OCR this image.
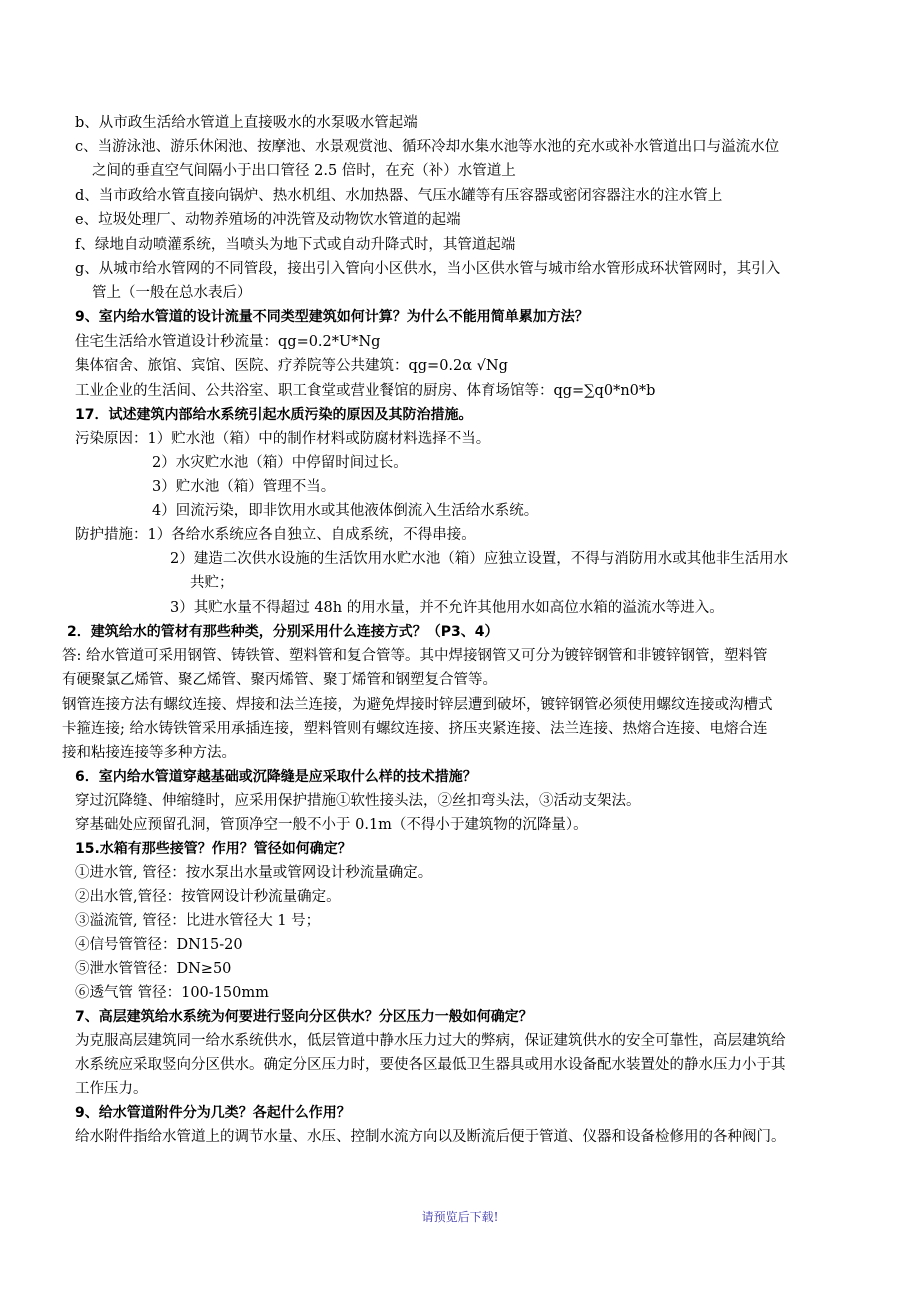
b、从市政生活给水管道上直接吸水的水泵吸水管起端
c、当游泳池、游乐休闲池、按摩池、水景观赏池、循环冷却水集水池等水池的充水或补水管道出口与溢流水位
之间的垂直空气间隔小于出口管径 2.5 倍时，在充（补）水管道上
d、当市政给水管直接向锅炉、热水机组、水加热器、气压水罐等有压容器或密闭容器注水的注水管上
e、垃圾处理厂、动物养殖场的冲洗管及动物饮水管道的起端
f、绿地自动喷灌系统，当喷头为地下式或自动升降式时，其管道起端
g、从城市给水管网的不同管段，接出引入管向小区供水，当小区供水管与城市给水管形成环状管网时，其引入
管上（一般在总水表后）
9、室内给水管道的设计流量不同类型建筑如何计算？为什么不能用简单累加方法？
住宅生活给水管道设计秒流量：qg=0.2*U*Ng
集体宿舍、旅馆、宾馆、医院、疗养院等公共建筑：qg=0.2α √Ng
工业企业的生活间、公共浴室、职工食堂或营业餐馆的厨房、体育场馆等：qg=∑q0*n0*b
17．试述建筑内部给水系统引起水质污染的原因及其防治措施。
污染原因：1）贮水池（箱）中的制作材料或防腐材料选择不当。
2）水灾贮水池（箱）中停留时间过长。
3）贮水池（箱）管理不当。
4）回流污染，即非饮用水或其他液体倒流入生活给水系统。
防护措施：1）各给水系统应各自独立、自成系统，不得串接。
2）建造二次供水设施的生活饮用水贮水池（箱）应独立设置，不得与消防用水或其他非生活用水
共贮；
3）其贮水量不得超过 48h 的用水量，并不允许其他用水如高位水箱的溢流水等进入。
2．建筑给水的管材有那些种类，分别采用什么连接方式？（P3、4）
答: 给水管道可采用钢管、铸铁管、塑料管和复合管等。其中焊接钢管又可分为镀锌钢管和非镀锌钢管，塑料管
有硬聚氯乙烯管、聚乙烯管、聚丙烯管、聚丁烯管和钢塑复合管等。
钢管连接方法有螺纹连接、焊接和法兰连接，为避免焊接时锌层遭到破坏，镀锌钢管必须使用螺纹连接或沟槽式
卡箍连接; 给水铸铁管采用承插连接，塑料管则有螺纹连接、挤压夹紧连接、法兰连接、热熔合连接、电熔合连
接和粘接连接等多种方法。
6．室内给水管道穿越基础或沉降缝是应采取什么样的技术措施？
穿过沉降缝、伸缩缝时，应采用保护措施①软性接头法，②丝扣弯头法，③活动支架法。
穿基础处应预留孔洞，管顶净空一般不小于 0.1m（不得小于建筑物的沉降量）。
15.水箱有那些接管？作用？管径如何确定？
①进水管, 管径：按水泵出水量或管网设计秒流量确定。
②出水管,管径：按管网设计秒流量确定。
③溢流管, 管径：比进水管径大 1 号；
④信号管管径：DN15-20
⑤泄水管管径：DN≥50
⑥透气管 管径：100-150mm
7、高层建筑给水系统为何要进行竖向分区供水？分区压力一般如何确定？
为克服高层建筑同一给水系统供水，低层管道中静水压力过大的弊病，保证建筑供水的安全可靠性，高层建筑给
水系统应采取竖向分区供水。确定分区压力时，要使各区最低卫生器具或用水设备配水装置处的静水压力小于其
工作压力。
9、给水管道附件分为几类？各起什么作用？
给水附件指给水管道上的调节水量、水压、控制水流方向以及断流后便于管道、仪器和设备检修用的各种阀门。
请预览后下载!
